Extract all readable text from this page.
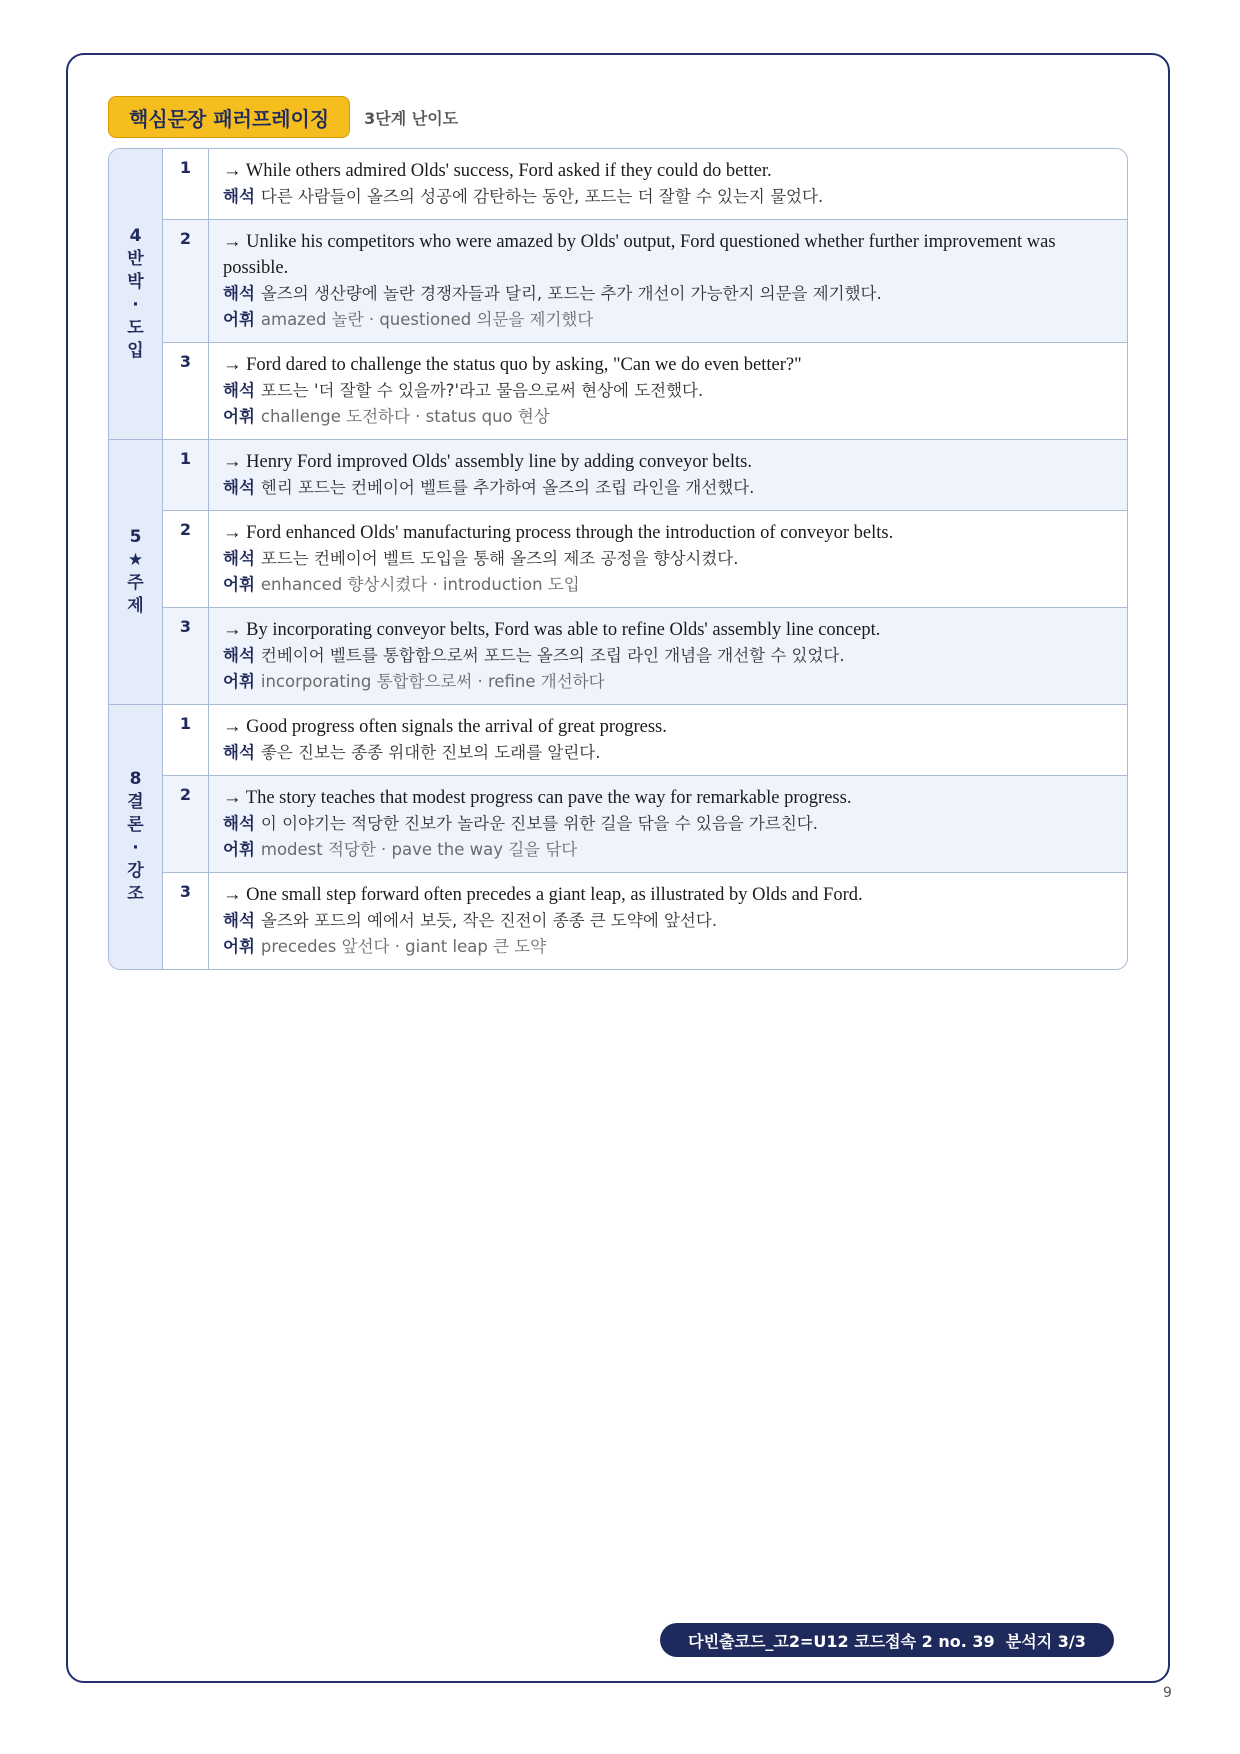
핵심문장 패러프레이징	3단계 난이도
4반박·도입
1	→ While others admired Olds' success, Ford asked if they could do better.
해석 다른 사람들이 올즈의 성공에 감탄하는 동안, 포드는 더 잘할 수 있는지 물었다.
2	→ Unlike his competitors who were amazed by Olds' output, Ford questioned whether further improvement was possible.
해석 올즈의 생산량에 놀란 경쟁자들과 달리, 포드는 추가 개선이 가능한지 의문을 제기했다.
어휘 amazed 놀란 · questioned 의문을 제기했다
3	→ Ford dared to challenge the status quo by asking, "Can we do even better?"
해석 포드는 '더 잘할 수 있을까?'라고 물음으로써 현상에 도전했다.
어휘 challenge 도전하다 · status quo 현상
5★주제
1	→ Henry Ford improved Olds' assembly line by adding conveyor belts.
해석 헨리 포드는 컨베이어 벨트를 추가하여 올즈의 조립 라인을 개선했다.
2	→ Ford enhanced Olds' manufacturing process through the introduction of conveyor belts.
해석 포드는 컨베이어 벨트 도입을 통해 올즈의 제조 공정을 향상시켰다.
어휘 enhanced 향상시켰다 · introduction 도입
3	→ By incorporating conveyor belts, Ford was able to refine Olds' assembly line concept.
해석 컨베이어 벨트를 통합함으로써 포드는 올즈의 조립 라인 개념을 개선할 수 있었다.
어휘 incorporating 통합함으로써 · refine 개선하다
8결론·강조
1	→ Good progress often signals the arrival of great progress.
해석 좋은 진보는 종종 위대한 진보의 도래를 알린다.
2	→ The story teaches that modest progress can pave the way for remarkable progress.
해석 이 이야기는 적당한 진보가 놀라운 진보를 위한 길을 닦을 수 있음을 가르친다.
어휘 modest 적당한 · pave the way 길을 닦다
3	→ One small step forward often precedes a giant leap, as illustrated by Olds and Ford.
해석 올즈와 포드의 예에서 보듯, 작은 진전이 종종 큰 도약에 앞선다.
어휘 precedes 앞선다 · giant leap 큰 도약
다빈출코드_고2=U12 코드접속 2 no. 39  분석지 3/3
9
